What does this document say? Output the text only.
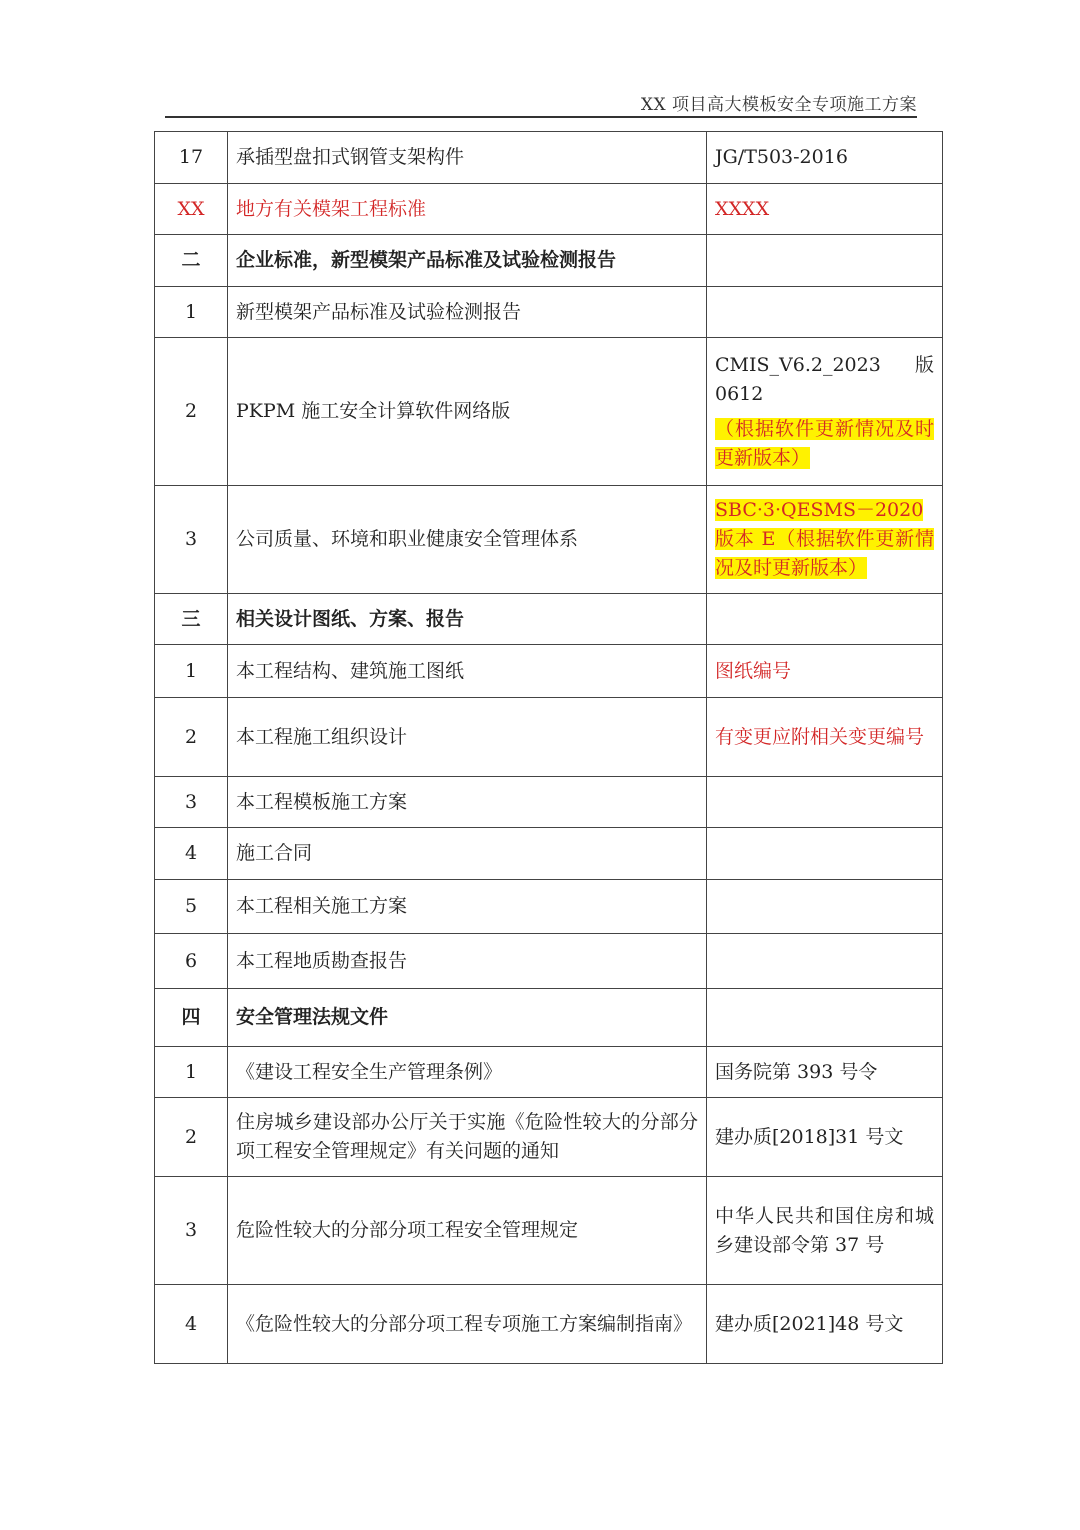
XX 项目高大模板安全专项施工方案
17	承插型盘扣式钢管支架构件	JG/T503-2016
XX	地方有关模架工程标准	XXXX
二	企业标准，新型模架产品标准及试验检测报告	
1	新型模架产品标准及试验检测报告	
2	PKPM 施工安全计算软件网络版	CMIS_V6.2_2023 版 0612
（根据软件更新情况及时更新版本）

3	公司质量、环境和职业健康安全管理体系	SBC·3·QESMS－2020 版本 E（根据软件更新情况及时更新版本）
三	相关设计图纸、方案、报告	
1	本工程结构、建筑施工图纸	图纸编号
2	本工程施工组织设计	有变更应附相关变更编号
3	本工程模板施工方案	
4	施工合同	
5	本工程相关施工方案	
6	本工程地质勘查报告	
四	安全管理法规文件	
1	《建设工程安全生产管理条例》	国务院第 393 号令
2	住房城乡建设部办公厅关于实施《危险性较大的分部分项工程安全管理规定》有关问题的通知	建办质[2018]31 号文
3	危险性较大的分部分项工程安全管理规定	中华人民共和国住房和城乡建设部令第 37 号
4	《危险性较大的分部分项工程专项施工方案编制指南》	建办质[2021]48 号文
